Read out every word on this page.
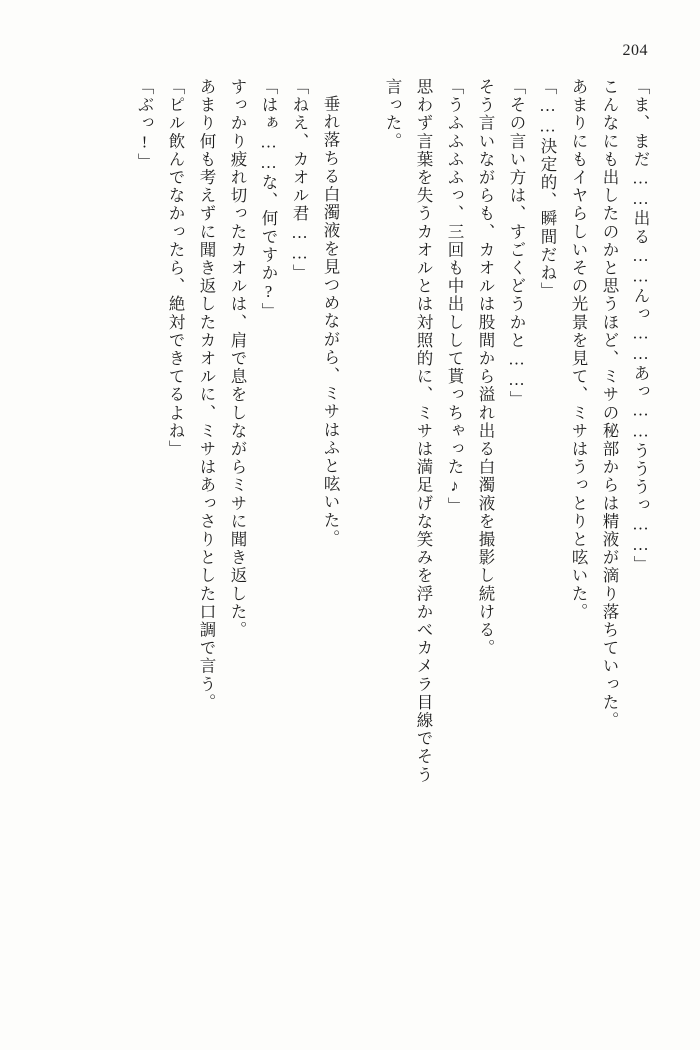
204
「ま、まだ……出る……んっ……あっ……うううっ……」
こんなにも出したのかと思うほど、ミサの秘部からは精液が滴り落ちていった。
あまりにもイヤらしいその光景を見て、ミサはうっとりと呟いた。
「……決定的、瞬間だね」
「その言い方は、すごくどうかと……」
そう言いながらも、カオルは股間から溢れ出る白濁液を撮影し続ける。
「うふふふふっ、三回も中出しして貰っちゃった♪」
思わず言葉を失うカオルとは対照的に、ミサは満足げな笑みを浮かべカメラ目線でそう
言った。
垂れ落ちる白濁液を見つめながら、ミサはふと呟いた。
「ねえ、カオル君……」
「はぁ……な、何ですか?」
すっかり疲れ切ったカオルは、肩で息をしながらミサに聞き返した。
あまり何も考えずに聞き返したカオルに、ミサはあっさりとした口調で言う。
「ピル飲んでなかったら、絶対できてるよね」
「ぶっ!」
